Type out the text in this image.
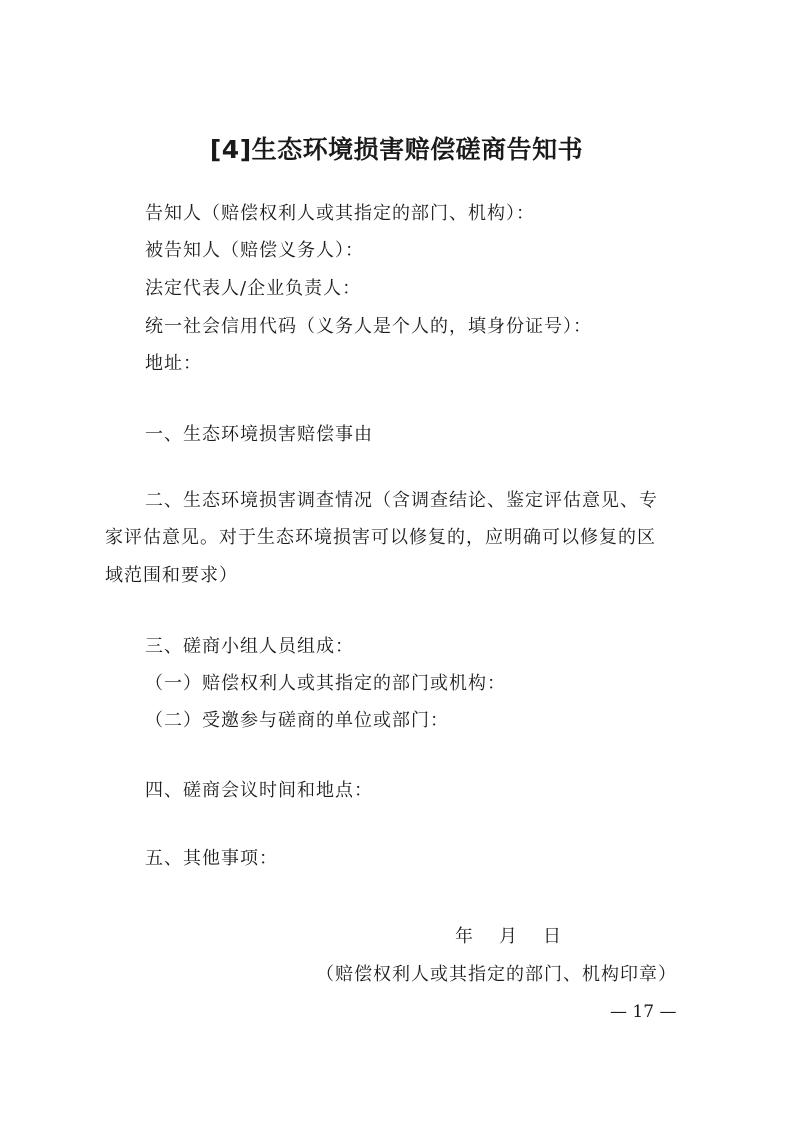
[4]生态环境损害赔偿磋商告知书
告知人（赔偿权利人或其指定的部门、机构）：
被告知人（赔偿义务人）：
法定代表人/企业负责人：
统一社会信用代码（义务人是个人的，填身份证号）：
地址：
一、生态环境损害赔偿事由
二、生态环境损害调查情况（含调查结论、鉴定评估意见、专
家评估意见。对于生态环境损害可以修复的，应明确可以修复的区
域范围和要求）
三、磋商小组人员组成：
（一）赔偿权利人或其指定的部门或机构：
（二）受邀参与磋商的单位或部门：
四、磋商会议时间和地点：
五、其他事项：
年 月 日
（赔偿权利人或其指定的部门、机构印章）
— 17 —
